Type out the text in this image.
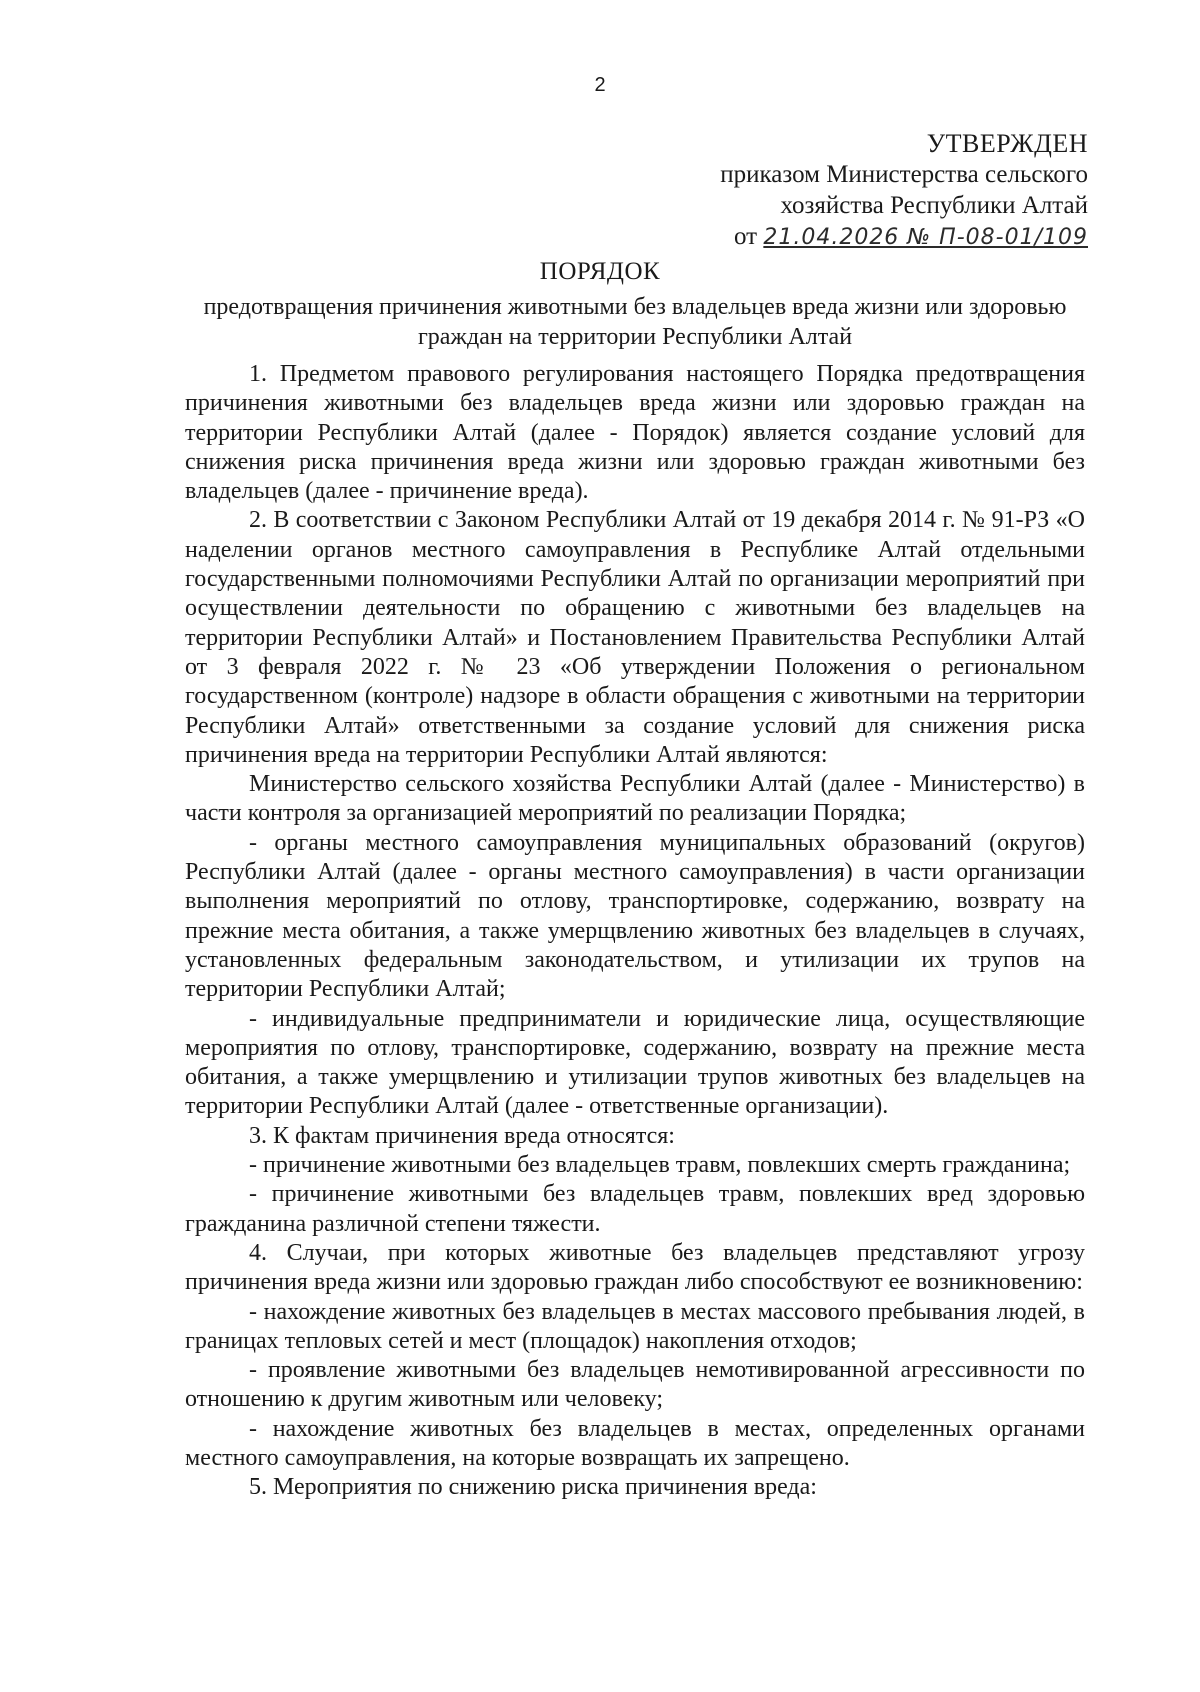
2
УТВЕРЖДЕН
приказом Министерства сельского
хозяйства Республики Алтай
от 21.04.2026 № П-08-01/109
ПОРЯДОК
предотвращения причинения животными без владельцев вреда жизни или здоровью граждан на территории Республики Алтай

1. Предметом правового регулирования настоящего Порядка предотвращения причинения животными без владельцев вреда жизни или здоровью граждан на территории Республики Алтай (далее - Порядок) является создание условий для снижения риска причинения вреда жизни или здоровью граждан животными без владельцев (далее - причинение вреда).

2. В соответствии с Законом Республики Алтай от 19 декабря 2014 г. № 91-РЗ «О наделении органов местного самоуправления в Республике Алтай отдельными государственными полномочиями Республики Алтай по организации мероприятий при осуществлении деятельности по обращению с животными без владельцев на территории Республики Алтай» и Постановлением Правительства Республики Алтай от 3 февраля 2022 г. № 23 «Об утверждении Положения о региональном государственном (контроле) надзоре в области обращения с животными на территории Республики Алтай» ответственными за создание условий для снижения риска причинения вреда на территории Республики Алтай являются:

Министерство сельского хозяйства Республики Алтай (далее - Министерство) в части контроля за организацией мероприятий по реализации Порядка;

- органы местного самоуправления муниципальных образований (округов) Республики Алтай (далее - органы местного самоуправления) в части организации выполнения мероприятий по отлову, транспортировке, содержанию, возврату на прежние места обитания, а также умерщвлению животных без владельцев в случаях, установленных федеральным законодательством, и утилизации их трупов на территории Республики Алтай;

- индивидуальные предприниматели и юридические лица, осуществляющие мероприятия по отлову, транспортировке, содержанию, возврату на прежние места обитания, а также умерщвлению и утилизации трупов животных без владельцев на территории Республики Алтай (далее - ответственные организации).

3. К фактам причинения вреда относятся:

- причинение животными без владельцев травм, повлекших смерть гражданина;

- причинение животными без владельцев травм, повлекших вред здоровью гражданина различной степени тяжести.

4. Случаи, при которых животные без владельцев представляют угрозу причинения вреда жизни или здоровью граждан либо способствуют ее возникновению:

- нахождение животных без владельцев в местах массового пребывания людей, в границах тепловых сетей и мест (площадок) накопления отходов;

- проявление животными без владельцев немотивированной агрессивности по отношению к другим животным или человеку;

- нахождение животных без владельцев в местах, определенных органами местного самоуправления, на которые возвращать их запрещено.

5. Мероприятия по снижению риска причинения вреда:
